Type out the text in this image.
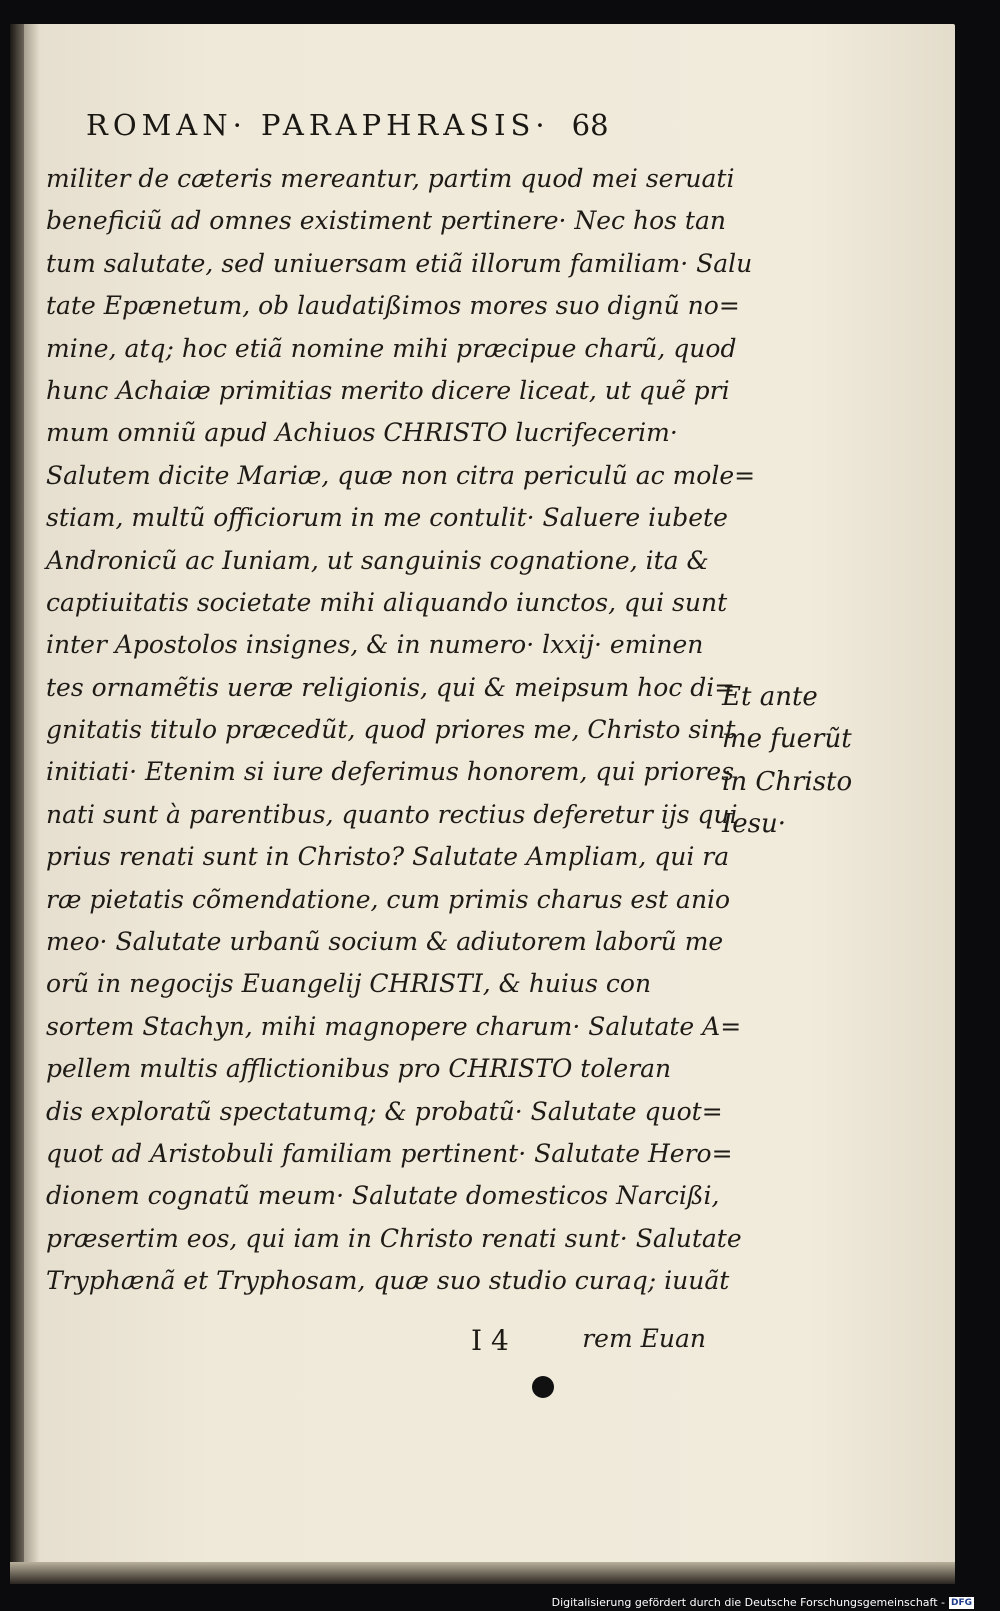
ROMAN· PARAPHRASIS· 68
militer de cæteris mereantur, partim quod mei seruati
beneficiũ ad omnes existiment pertinere· Nec hos tan
tum salutate, sed uniuersam etiã illorum familiam· Salu
tate Epænetum, ob laudatißimos mores suo dignũ no=
mine, atq; hoc etiã nomine mihi præcipue charũ, quod
hunc Achaiæ primitias merito dicere liceat, ut quẽ pri
mum omniũ apud Achiuos CHRISTO lucrifecerim·
Salutem dicite Mariæ, quæ non citra periculũ ac mole=
stiam, multũ officiorum in me contulit· Saluere iubete
Andronicũ ac Iuniam, ut sanguinis cognatione, ita &
captiuitatis societate mihi aliquando iunctos, qui sunt
inter Apostolos insignes, & in numero· lxxij· eminen
tes ornamẽtis ueræ religionis, qui & meipsum hoc di=
gnitatis titulo præcedũt, quod priores me, Christo sint
initiati· Etenim si iure deferimus honorem, qui priores
nati sunt à parentibus, quanto rectius deferetur ijs qui
prius renati sunt in Christo? Salutate Ampliam, qui ra
ræ pietatis cõmendatione, cum primis charus est anio
meo· Salutate urbanũ socium & adiutorem laborũ me
orũ in negocijs Euangelij CHRISTI, & huius con
sortem Stachyn, mihi magnopere charum· Salutate A=
pellem multis afflictionibus pro CHRISTO toleran
dis exploratũ spectatumq; & probatũ· Salutate quot=
quot ad Aristobuli familiam pertinent· Salutate Hero=
dionem cognatũ meum· Salutate domesticos Narcißi,
præsertim eos, qui iam in Christo renati sunt· Salutate
Tryphænã et Tryphosam, quæ suo studio curaq; iuuãt
Et ante
me fuerũt
in Christo
Iesu·
I 4	rem Euan
Digitalisierung gefördert durch die Deutsche Forschungsgemeinschaft - DFG
